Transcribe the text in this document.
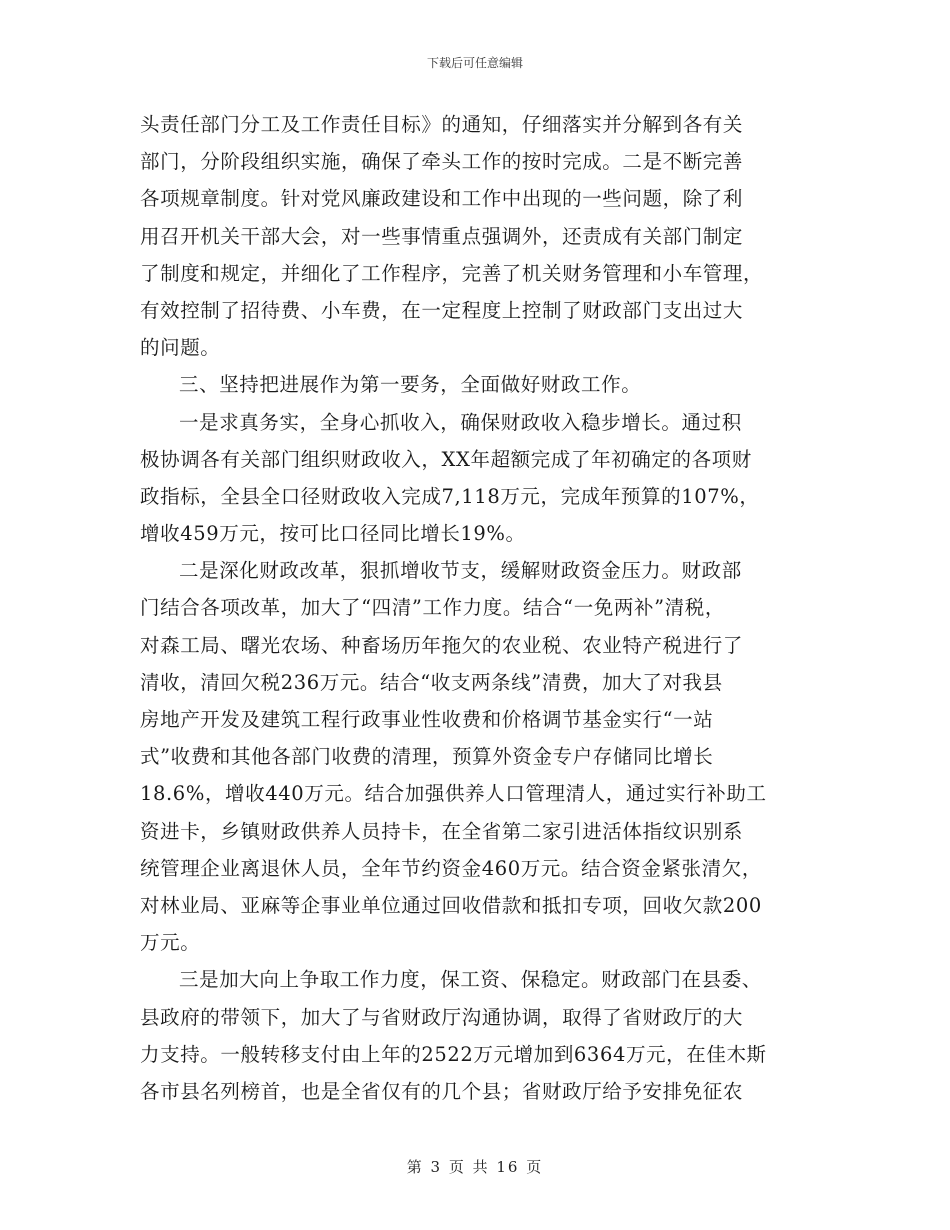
下载后可任意编辑
头责任部门分工及工作责任目标》的通知，仔细落实并分解到各有关
部门，分阶段组织实施，确保了牵头工作的按时完成。二是不断完善
各项规章制度。针对党风廉政建设和工作中出现的一些问题，除了利
用召开机关干部大会，对一些事情重点强调外，还责成有关部门制定
了制度和规定，并细化了工作程序，完善了机关财务管理和小车管理，
有效控制了招待费、小车费，在一定程度上控制了财政部门支出过大
的问题。
三、坚持把进展作为第一要务，全面做好财政工作。
一是求真务实，全身心抓收入，确保财政收入稳步增长。通过积
极协调各有关部门组织财政收入，XX年超额完成了年初确定的各项财
政指标，全县全口径财政收入完成7,118万元，完成年预算的107%，
增收459万元，按可比口径同比增长19%。
二是深化财政改革，狠抓增收节支，缓解财政资金压力。财政部
门结合各项改革，加大了“四清”工作力度。结合“一免两补”清税，
对森工局、曙光农场、种畜场历年拖欠的农业税、农业特产税进行了
清收，清回欠税236万元。结合“收支两条线”清费，加大了对我县
房地产开发及建筑工程行政事业性收费和价格调节基金实行“一站
式”收费和其他各部门收费的清理，预算外资金专户存储同比增长
18.6%，增收440万元。结合加强供养人口管理清人，通过实行补助工
资进卡，乡镇财政供养人员持卡，在全省第二家引进活体指纹识别系
统管理企业离退休人员，全年节约资金460万元。结合资金紧张清欠，
对林业局、亚麻等企事业单位通过回收借款和抵扣专项，回收欠款200
万元。
三是加大向上争取工作力度，保工资、保稳定。财政部门在县委、
县政府的带领下，加大了与省财政厅沟通协调，取得了省财政厅的大
力支持。一般转移支付由上年的2522万元增加到6364万元，在佳木斯
各市县名列榜首，也是全省仅有的几个县；省财政厅给予安排免征农
第 3 页 共 16 页
